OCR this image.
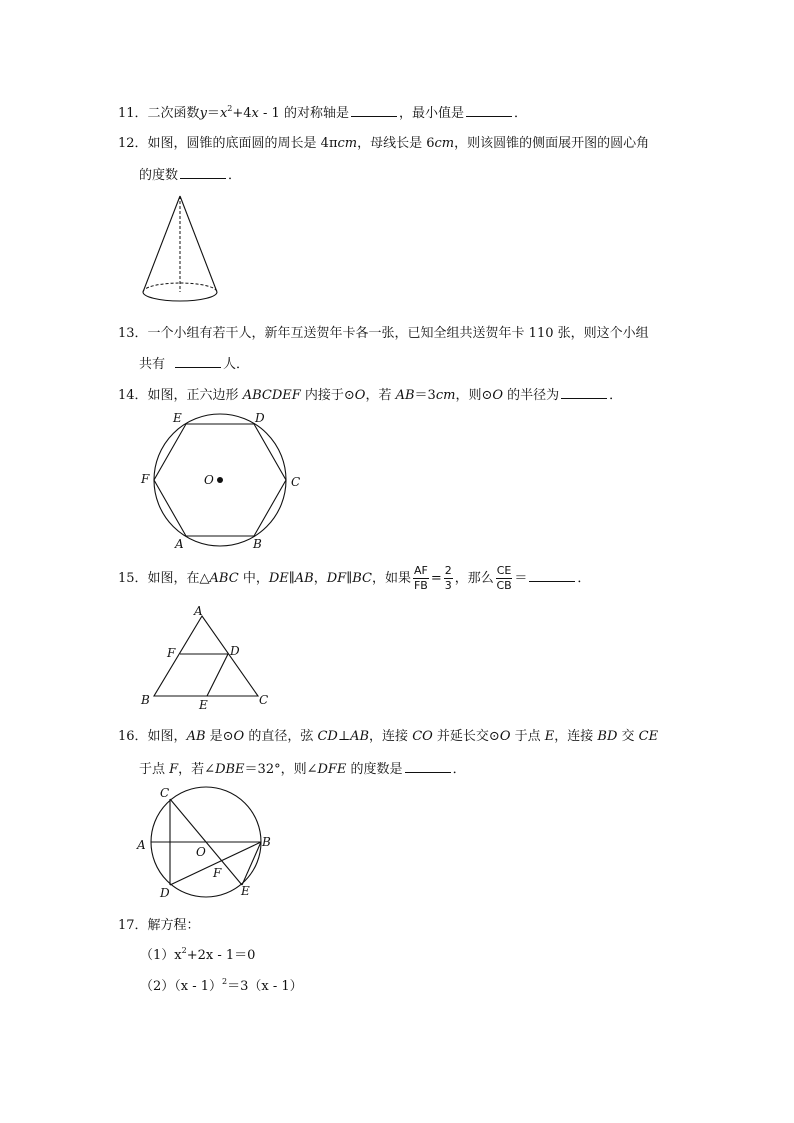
11．二次函数$y=x^2+4x - 1$ 的对称轴是	，最小值是	．
12．如图，圆锥的底面圆的周长是 4πcm，母线长是 6cm，则该圆锥的侧面展开图的圆心角
的度数	．
13．一个小组有若干人，新年互送贺年卡各一张，已知全组共送贺年卡 110 张，则这个小组
共有	人．
14．如图，正六边形 ABCDEF 内接于⊙O，若 AB＝3cm，则⊙O 的半径为	．
E	D
F	O	C
A	B
15．如图，在△ABC 中，DE∥AB，DF∥BC，如果 $\frac{AF}{FB} = \frac{2}{3}$ ，那么 $\frac{CE}{CB}$ ＝	．
A
F	D
B	E	C
16．如图，AB 是⊙O 的直径，弦 CD⊥AB，连接 CO 并延长交⊙O 于点 E，连接 BD 交 CE
于点 F，若∠DBE＝32°，则∠DFE 的度数是	．
C
A	O
B
F
D	E
17．解方程：
$(1)x^2+2x - 1=0$
（2）（x - 1）$^2$＝3（x - 1）
